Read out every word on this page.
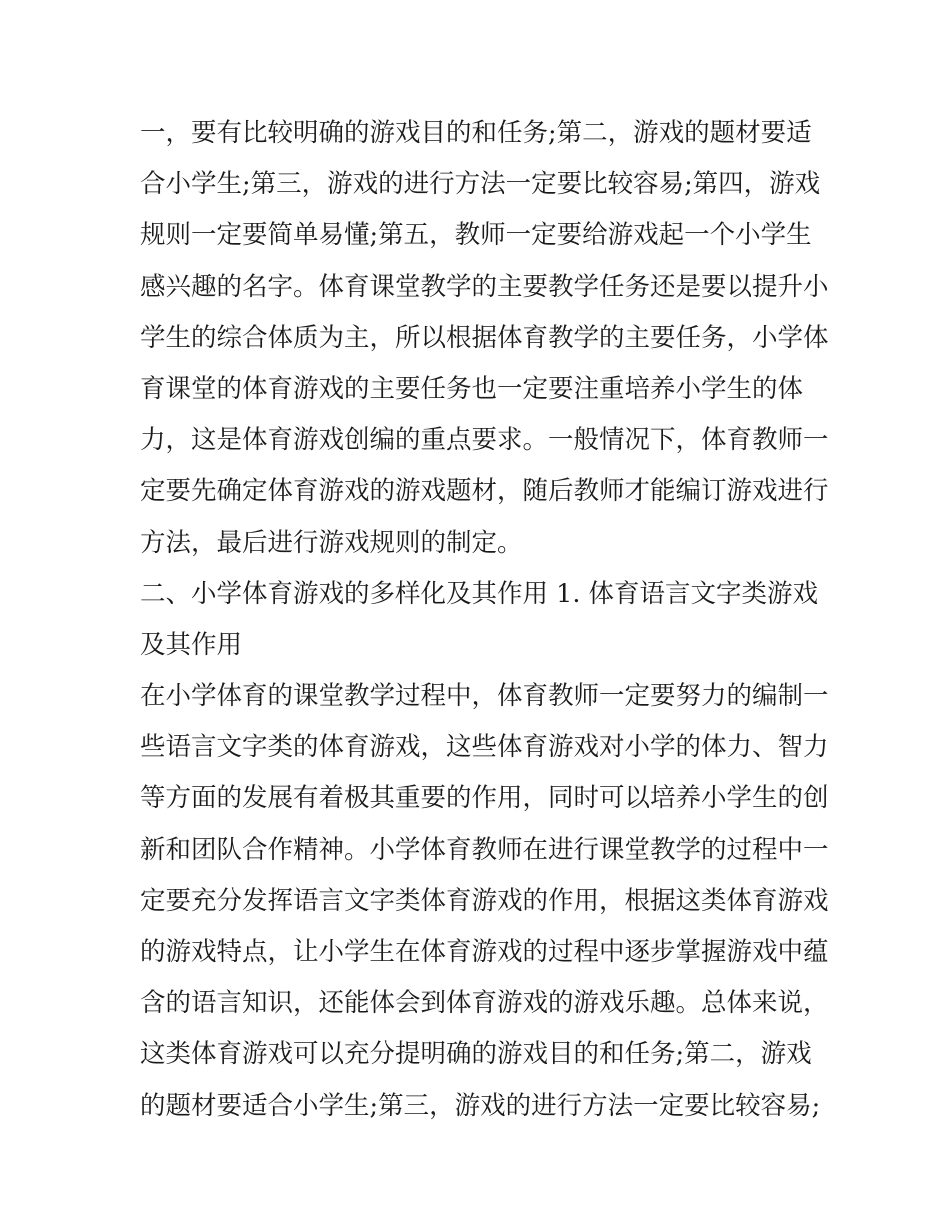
一，要有比较明确的游戏目的和任务;第二，游戏的题材要适
合小学生;第三，游戏的进行方法一定要比较容易;第四，游戏
规则一定要简单易懂;第五，教师一定要给游戏起一个小学生
感兴趣的名字。体育课堂教学的主要教学任务还是要以提升小
学生的综合体质为主，所以根据体育教学的主要任务，小学体
育课堂的体育游戏的主要任务也一定要注重培养小学生的体
力，这是体育游戏创编的重点要求。一般情况下，体育教师一
定要先确定体育游戏的游戏题材，随后教师才能编订游戏进行
方法，最后进行游戏规则的制定。
二、小学体育游戏的多样化及其作用 1. 体育语言文字类游戏
及其作用
在小学体育的课堂教学过程中，体育教师一定要努力的编制一
些语言文字类的体育游戏，这些体育游戏对小学的体力、智力
等方面的发展有着极其重要的作用，同时可以培养小学生的创
新和团队合作精神。小学体育教师在进行课堂教学的过程中一
定要充分发挥语言文字类体育游戏的作用，根据这类体育游戏
的游戏特点，让小学生在体育游戏的过程中逐步掌握游戏中蕴
含的语言知识，还能体会到体育游戏的游戏乐趣。总体来说，
这类体育游戏可以充分提明确的游戏目的和任务;第二，游戏
的题材要适合小学生;第三，游戏的进行方法一定要比较容易;
